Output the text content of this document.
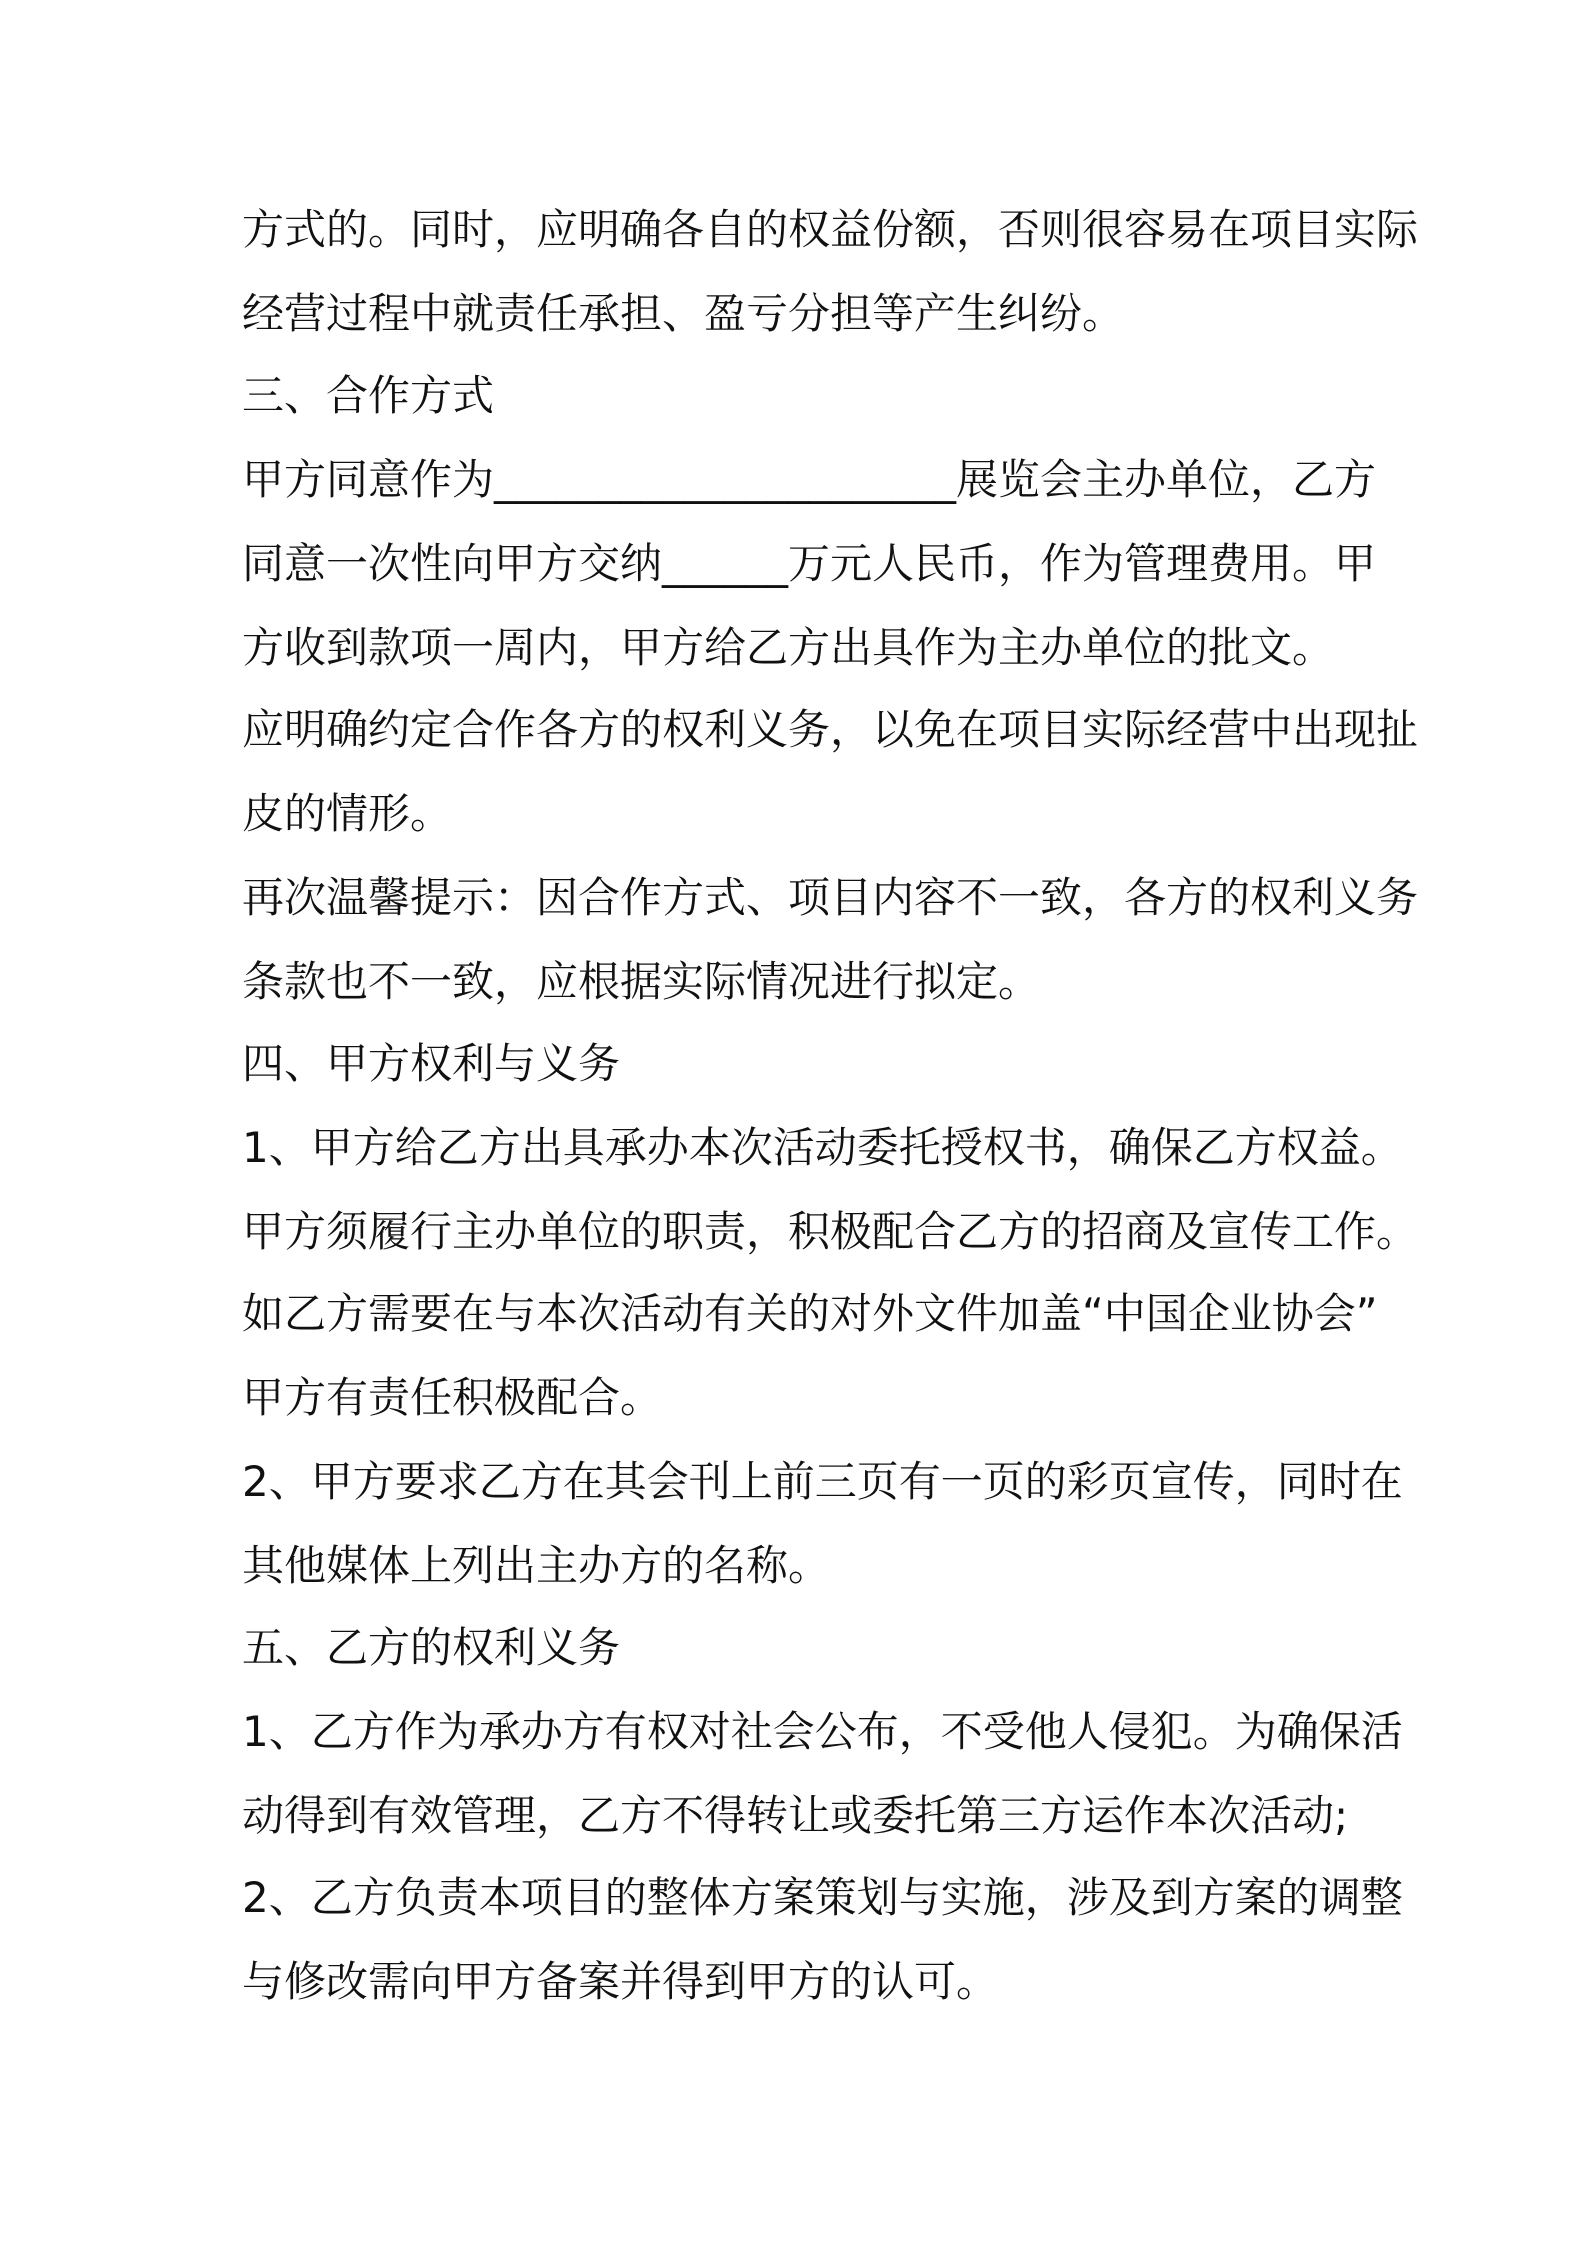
方式的。同时，应明确各自的权益份额，否则很容易在项目实际

经营过程中就责任承担、盈亏分担等产生纠纷。

三、合作方式

甲方同意作为______________________展览会主办单位，乙方

同意一次性向甲方交纳______万元人民币，作为管理费用。甲

方收到款项一周内，甲方给乙方出具作为主办单位的批文。

应明确约定合作各方的权利义务，以免在项目实际经营中出现扯

皮的情形。

再次温馨提示：因合作方式、项目内容不一致，各方的权利义务

条款也不一致，应根据实际情况进行拟定。

四、甲方权利与义务

1、甲方给乙方出具承办本次活动委托授权书，确保乙方权益。

甲方须履行主办单位的职责，积极配合乙方的招商及宣传工作。

如乙方需要在与本次活动有关的对外文件加盖“中国企业协会”

甲方有责任积极配合。

2、甲方要求乙方在其会刊上前三页有一页的彩页宣传，同时在

其他媒体上列出主办方的名称。

五、乙方的权利义务

1、乙方作为承办方有权对社会公布，不受他人侵犯。为确保活

动得到有效管理，乙方不得转让或委托第三方运作本次活动;

2、乙方负责本项目的整体方案策划与实施，涉及到方案的调整

与修改需向甲方备案并得到甲方的认可。
